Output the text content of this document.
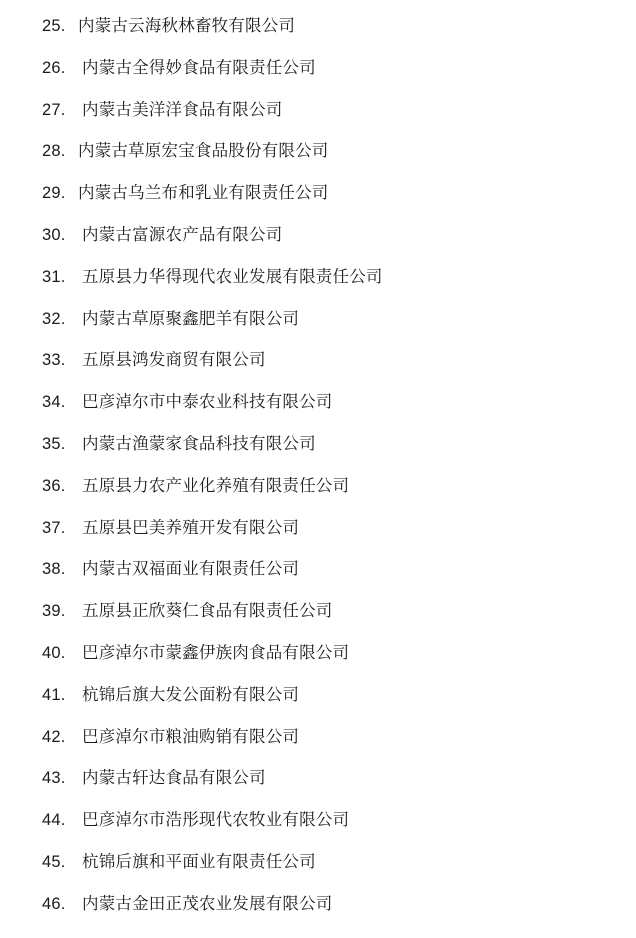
25. 内蒙古云海秋林畜牧有限公司
26. 内蒙古全得妙食品有限责任公司
27. 内蒙古美洋洋食品有限公司
28. 内蒙古草原宏宝食品股份有限公司
29. 内蒙古乌兰布和乳业有限责任公司
30. 内蒙古富源农产品有限公司
31. 五原县力华得现代农业发展有限责任公司
32. 内蒙古草原聚鑫肥羊有限公司
33. 五原县鸿发商贸有限公司
34. 巴彦淖尔市中泰农业科技有限公司
35. 内蒙古渔蒙家食品科技有限公司
36. 五原县力农产业化养殖有限责任公司
37. 五原县巴美养殖开发有限公司
38. 内蒙古双福面业有限责任公司
39. 五原县正欣葵仁食品有限责任公司
40. 巴彦淖尔市蒙鑫伊族肉食品有限公司
41. 杭锦后旗大发公面粉有限公司
42. 巴彦淖尔市粮油购销有限公司
43. 内蒙古轩达食品有限公司
44. 巴彦淖尔市浩彤现代农牧业有限公司
45. 杭锦后旗和平面业有限责任公司
46. 内蒙古金田正茂农业发展有限公司
